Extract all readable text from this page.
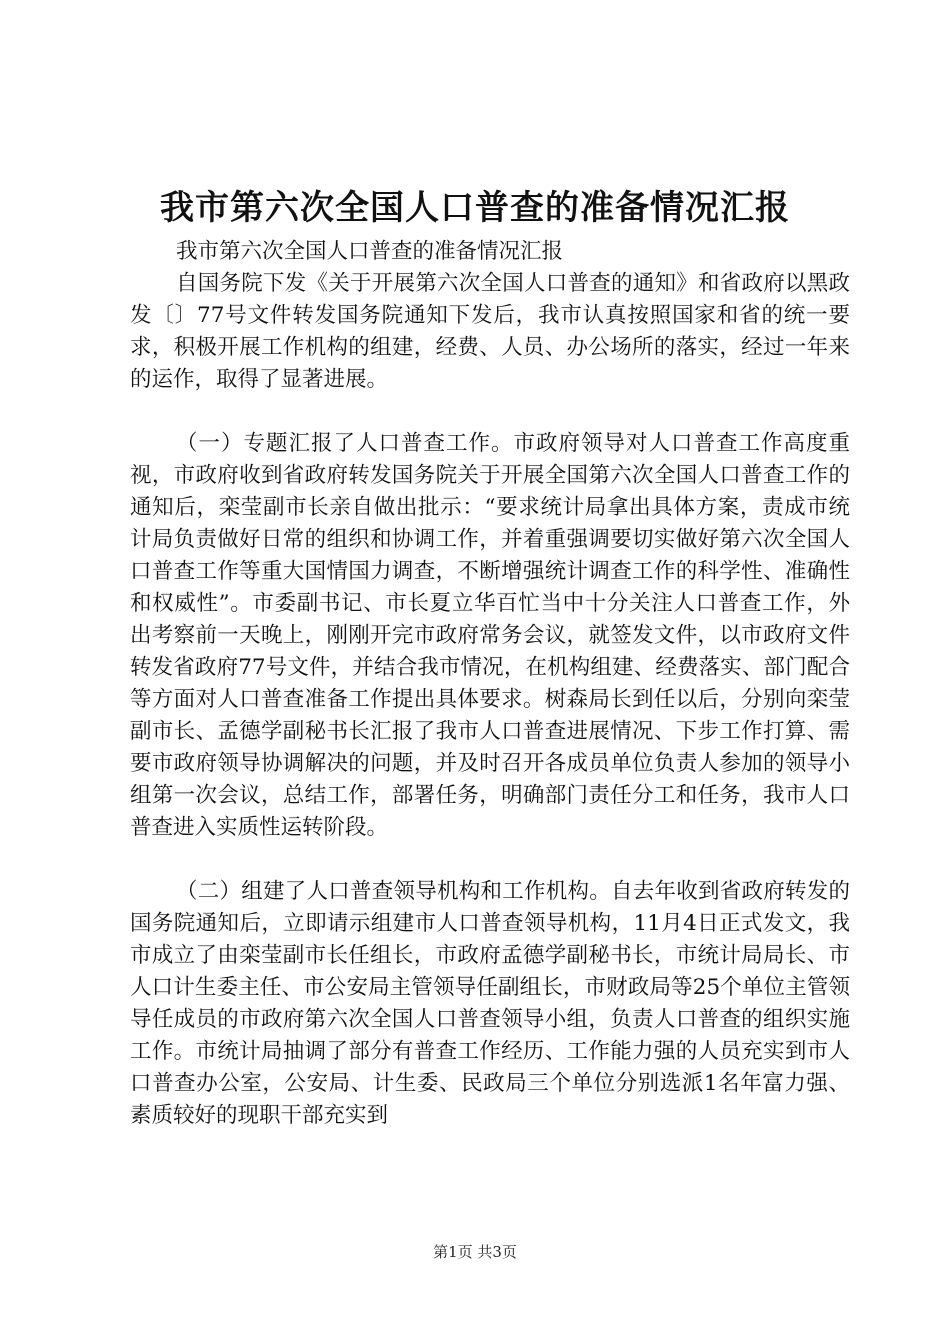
我市第六次全国人口普查的准备情况汇报

我市第六次全国人口普查的准备情况汇报

自国务院下发《关于开展第六次全国人口普查的通知》和省政府以黑政发〔〕77号文件转发国务院通知下发后，我市认真按照国家和省的统一要求，积极开展工作机构的组建，经费、人员、办公场所的落实，经过一年来的运作，取得了显著进展。

（一）专题汇报了人口普查工作。市政府领导对人口普查工作高度重视，市政府收到省政府转发国务院关于开展全国第六次全国人口普查工作的通知后，栾莹副市长亲自做出批示：“要求统计局拿出具体方案，责成市统计局负责做好日常的组织和协调工作，并着重强调要切实做好第六次全国人口普查工作等重大国情国力调查，不断增强统计调查工作的科学性、准确性和权威性”。市委副书记、市长夏立华百忙当中十分关注人口普查工作，外出考察前一天晚上，刚刚开完市政府常务会议，就签发文件，以市政府文件转发省政府77号文件，并结合我市情况，在机构组建、经费落实、部门配合等方面对人口普查准备工作提出具体要求。树森局长到任以后，分别向栾莹副市长、孟德学副秘书长汇报了我市人口普查进展情况、下步工作打算、需要市政府领导协调解决的问题，并及时召开各成员单位负责人参加的领导小组第一次会议，总结工作，部署任务，明确部门责任分工和任务，我市人口普查进入实质性运转阶段。

（二）组建了人口普查领导机构和工作机构。自去年收到省政府转发的国务院通知后，立即请示组建市人口普查领导机构，11月4日正式发文，我市成立了由栾莹副市长任组长，市政府孟德学副秘书长，市统计局局长、市人口计生委主任、市公安局主管领导任副组长，市财政局等25个单位主管领导任成员的市政府第六次全国人口普查领导小组，负责人口普查的组织实施工作。市统计局抽调了部分有普查工作经历、工作能力强的人员充实到市人口普查办公室，公安局、计生委、民政局三个单位分别选派1名年富力强、素质较好的现职干部充实到

第1页 共3页
